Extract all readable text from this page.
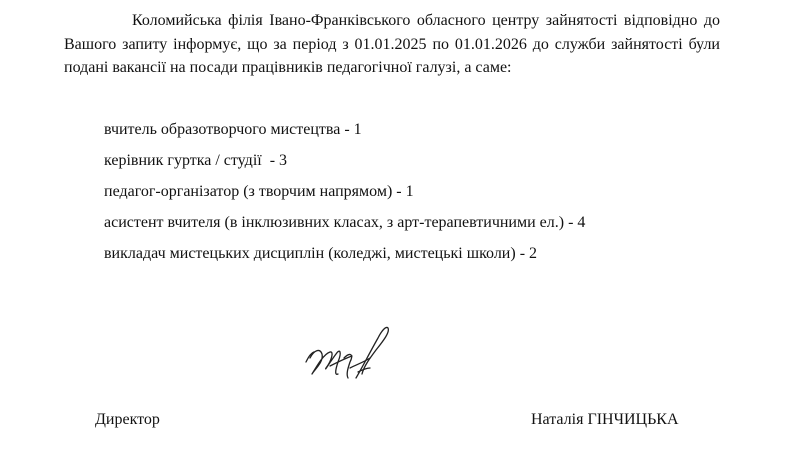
Коломийська філія Івано-Франківського обласного центру зайнятості відповідно до Вашого запиту інформує, що за період з 01.01.2025 по 01.01.2026 до служби зайнятості були подані вакансії на посади працівників педагогічної галузі, а саме:

вчитель образотворчого мистецтва - 1
керівник гуртка / студії  - 3
педагог-організатор (з творчим напрямом) - 1
асистент вчителя (в інклюзивних класах, з арт-терапевтичними ел.) - 4
викладач мистецьких дисциплін (коледжі, мистецькі школи) - 2

Директор	Наталія ГІНЧИЦЬКА
